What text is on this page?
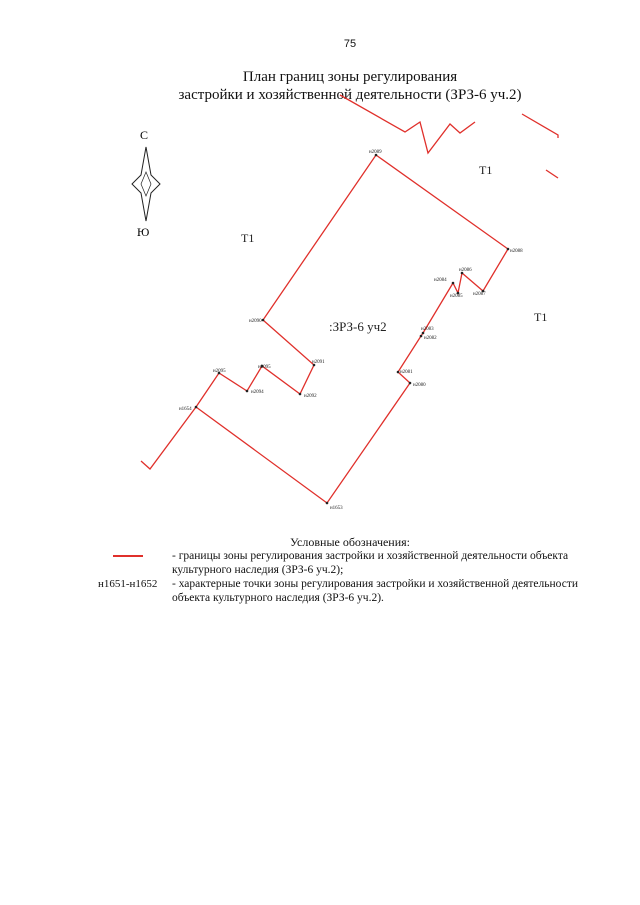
75
План границ зоны регулирования
застройки и хозяйственной деятельности (ЗРЗ-6 уч.2)
С
Ю
Т1
Т1
Т1
:ЗРЗ-6 уч2
н2089
н2088
н2087
н2086
н2085
н2084
н2083
н2082
н2081
н2080
н1653
н1654
н2095
н2094
н2095
н2092
н2091
н2090
Условные обозначения:
- границы зоны регулирования застройки и хозяйственной деятельности объекта
культурного наследия (ЗРЗ-6 уч.2);
н1651-н1652	- характерные точки зоны регулирования застройки и хозяйственной деятельности
объекта культурного наследия (ЗРЗ-6 уч.2).
